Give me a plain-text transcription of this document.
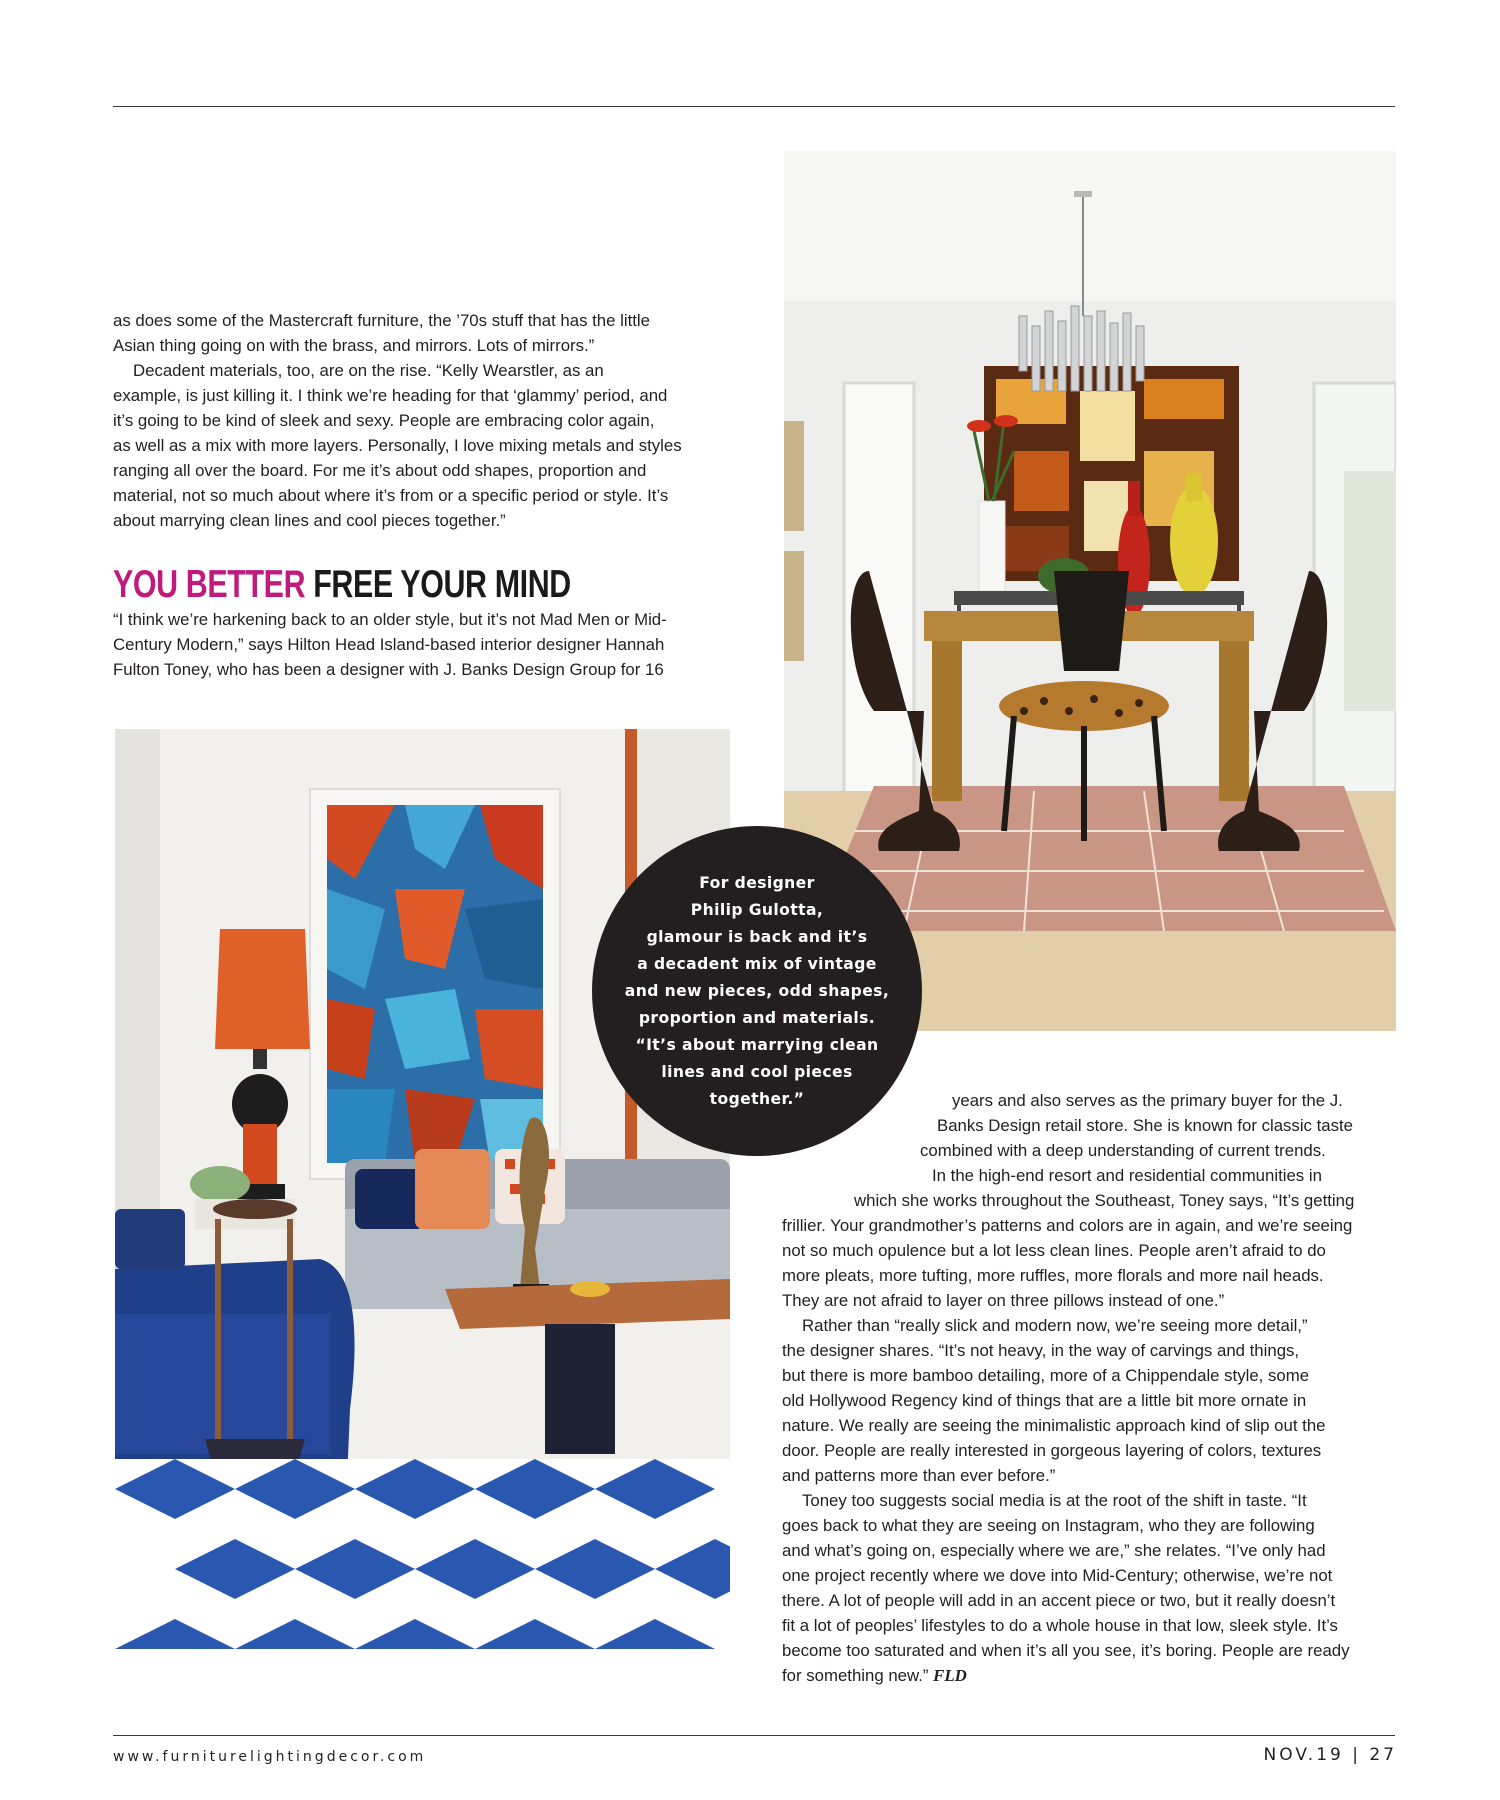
as does some of the Mastercraft furniture, the ’70s stuff that has the little
Asian thing going on with the brass, and mirrors. Lots of mirrors.”

Decadent materials, too, are on the rise. “Kelly Wearstler, as an
example, is just killing it. I think we’re heading for that ‘glammy’ period, and
it’s going to be kind of sleek and sexy. People are embracing color again,
as well as a mix with more layers. Personally, I love mixing metals and styles
ranging all over the board. For me it’s about odd shapes, proportion and
material, not so much about where it’s from or a specific period or style. It’s
about marrying clean lines and cool pieces together.”

YOU BETTER FREE YOUR MIND

“I think we’re harkening back to an older style, but it’s not Mad Men or Mid-
Century Modern,” says Hilton Head Island-based interior designer Hannah
Fulton Toney, who has been a designer with J. Banks Design Group for 16

For designer
Philip Gulotta,
glamour is back and it’s
a decadent mix of vintage
and new pieces, odd shapes,
proportion and materials.
“It’s about marrying clean
lines and cool pieces
together.”	years and also serves as the primary buyer for the J.
Banks Design retail store. She is known for classic taste
combined with a deep understanding of current trends.
In the high-end resort and residential communities in
which she works throughout the Southeast, Toney says, “It’s getting
frillier. Your grandmother’s patterns and colors are in again, and we’re seeing
not so much opulence but a lot less clean lines. People aren’t afraid to do
more pleats, more tufting, more ruffles, more florals and more nail heads.
They are not afraid to layer on three pillows instead of one.”

Rather than “really slick and modern now, we’re seeing more detail,”
the designer shares. “It’s not heavy, in the way of carvings and things,
but there is more bamboo detailing, more of a Chippendale style, some
old Hollywood Regency kind of things that are a little bit more ornate in
nature. We really are seeing the minimalistic approach kind of slip out the
door. People are really interested in gorgeous layering of colors, textures
and patterns more than ever before.”

Toney too suggests social media is at the root of the shift in taste. “It
goes back to what they are seeing on Instagram, who they are following
and what’s going on, especially where we are,” she relates. “I’ve only had
one project recently where we dove into Mid-Century; otherwise, we’re not
there. A lot of people will add in an accent piece or two, but it really doesn’t
fit a lot of peoples’ lifestyles to do a whole house in that low, sleek style. It’s
become too saturated and when it’s all you see, it’s boring. People are ready
for something new.” FLD

www.furniturelightingdecor.com	NOV.19 | 27
